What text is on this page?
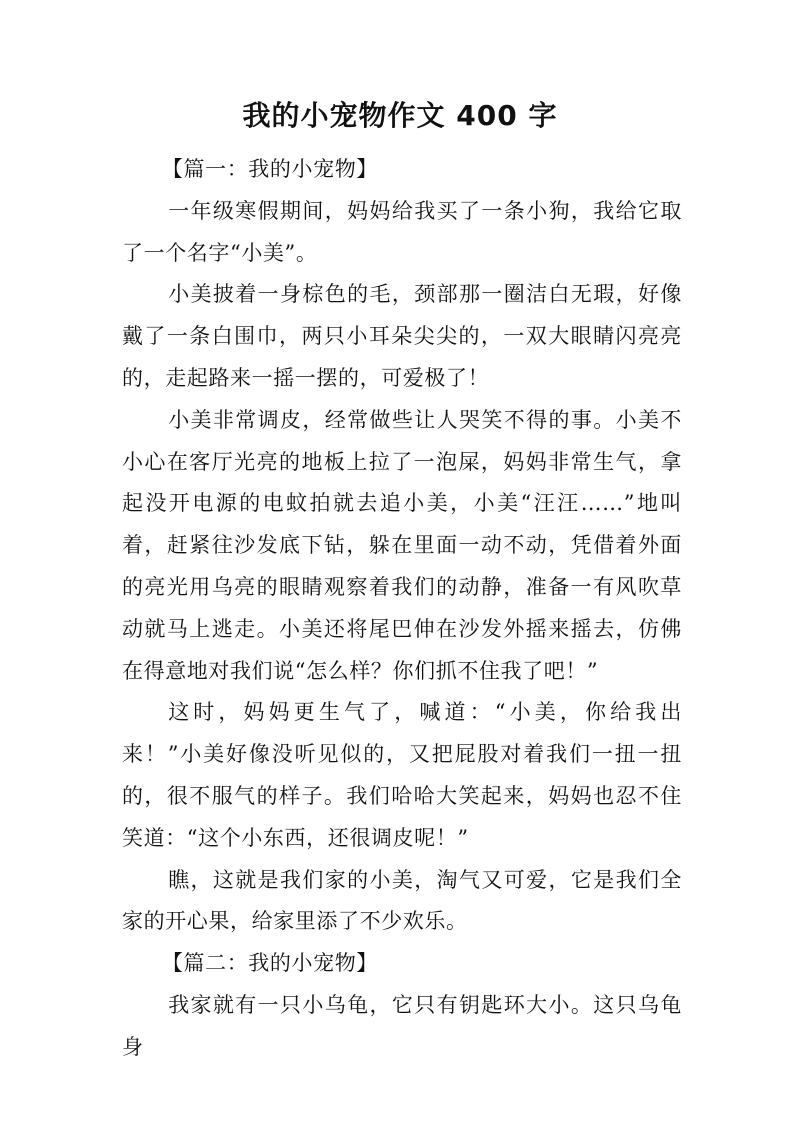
我的小宠物作文 400 字

【篇一：我的小宠物】

一年级寒假期间，妈妈给我买了一条小狗，我给它取了一个名字“小美”。

小美披着一身棕色的毛，颈部那一圈洁白无瑕，好像戴了一条白围巾，两只小耳朵尖尖的，一双大眼睛闪亮亮的，走起路来一摇一摆的，可爱极了！

小美非常调皮，经常做些让人哭笑不得的事。小美不小心在客厅光亮的地板上拉了一泡屎，妈妈非常生气，拿起没开电源的电蚊拍就去追小美，小美“汪汪……”地叫着，赶紧往沙发底下钻，躲在里面一动不动，凭借着外面的亮光用乌亮的眼睛观察着我们的动静，准备一有风吹草动就马上逃走。小美还将尾巴伸在沙发外摇来摇去，仿佛在得意地对我们说“怎么样？你们抓不住我了吧！”

这时，妈妈更生气了，喊道：“小美，你给我出来！”小美好像没听见似的，又把屁股对着我们一扭一扭的，很不服气的样子。我们哈哈大笑起来，妈妈也忍不住笑道：“这个小东西，还很调皮呢！”

瞧，这就是我们家的小美，淘气又可爱，它是我们全家的开心果，给家里添了不少欢乐。

【篇二：我的小宠物】

我家就有一只小乌龟，它只有钥匙环大小。这只乌龟身
